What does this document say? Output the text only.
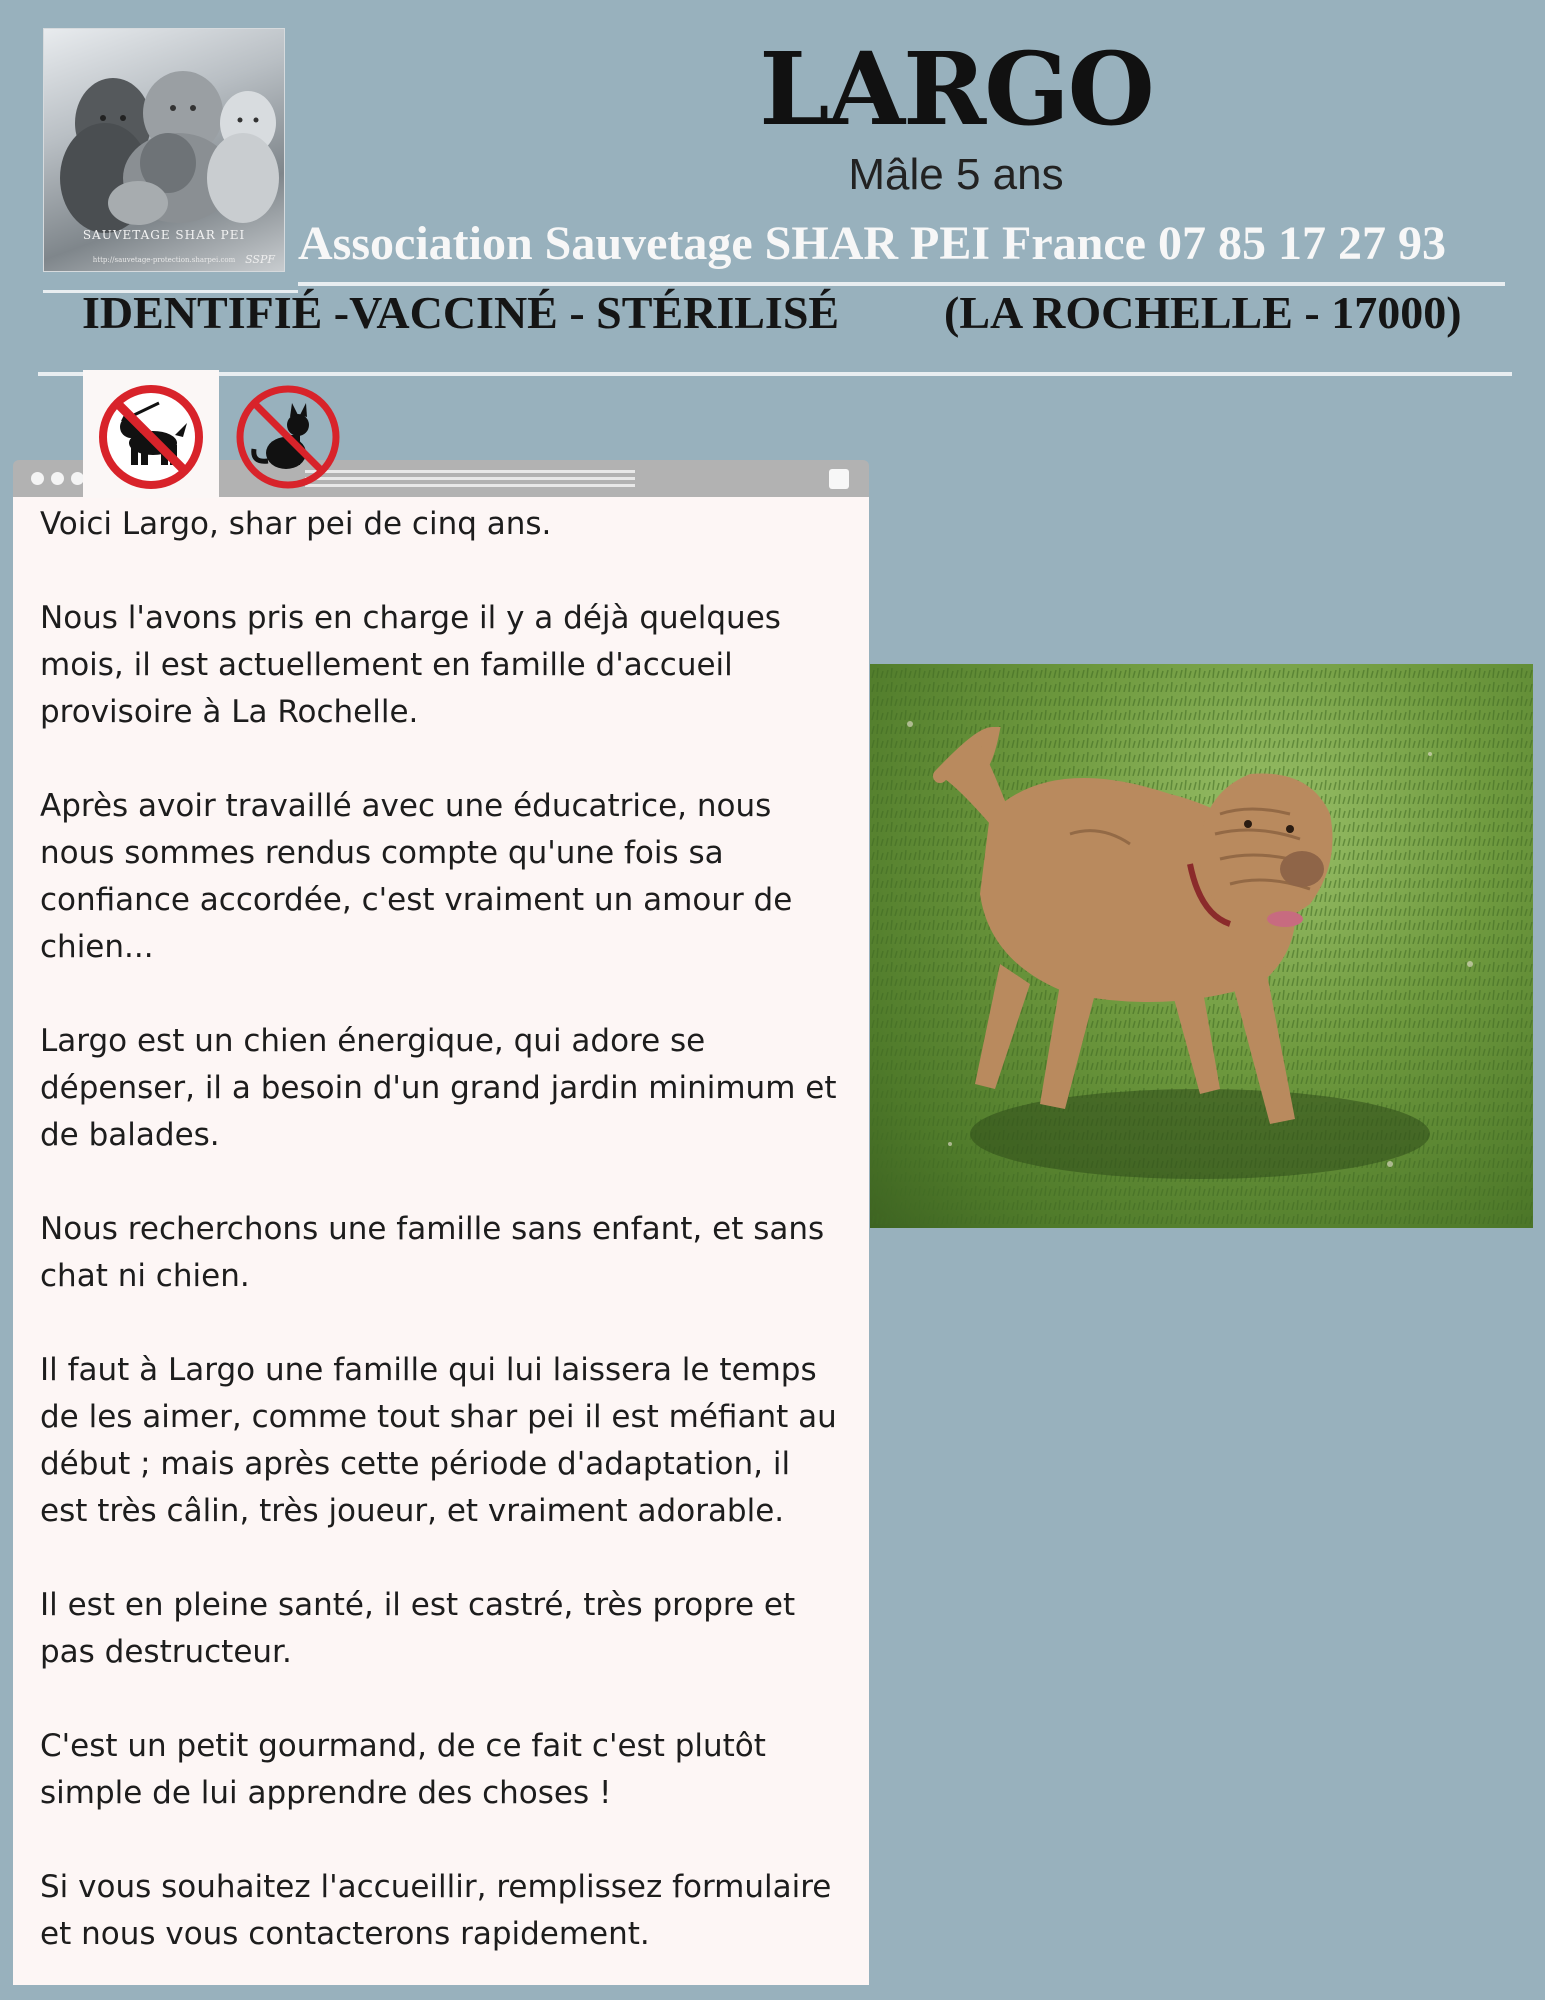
SAUVETAGE SHAR PEI
http://sauvetage-protection.sharpei.com SSPF
LARGO
Mâle 5 ans
Association Sauvetage SHAR PEI France 07 85 17 27 93
IDENTIFIÉ -VACCINÉ - STÉRILISÉ (LA ROCHELLE - 17000)

Voici Largo, shar pei de cinq ans.

Nous l'avons pris en charge il y a déjà quelques mois, il est actuellement en famille d'accueil provisoire à La Rochelle.

Après avoir travaillé avec une éducatrice, nous nous sommes rendus compte qu'une fois sa confiance accordée, c'est vraiment un amour de chien...

Largo est un chien énergique, qui adore se dépenser, il a besoin d'un grand jardin minimum et de balades.

Nous recherchons une famille sans enfant, et sans chat ni chien.

Il faut à Largo une famille qui lui laissera le temps de les aimer, comme tout shar pei il est méfiant au début ; mais après cette période d'adaptation, il est très câlin, très joueur, et vraiment adorable.

Il est en pleine santé, il est castré, très propre et pas destructeur.

C'est un petit gourmand, de ce fait c'est plutôt simple de lui apprendre des choses !

Si vous souhaitez l'accueillir, remplissez formulaire et nous vous contacterons rapidement.
